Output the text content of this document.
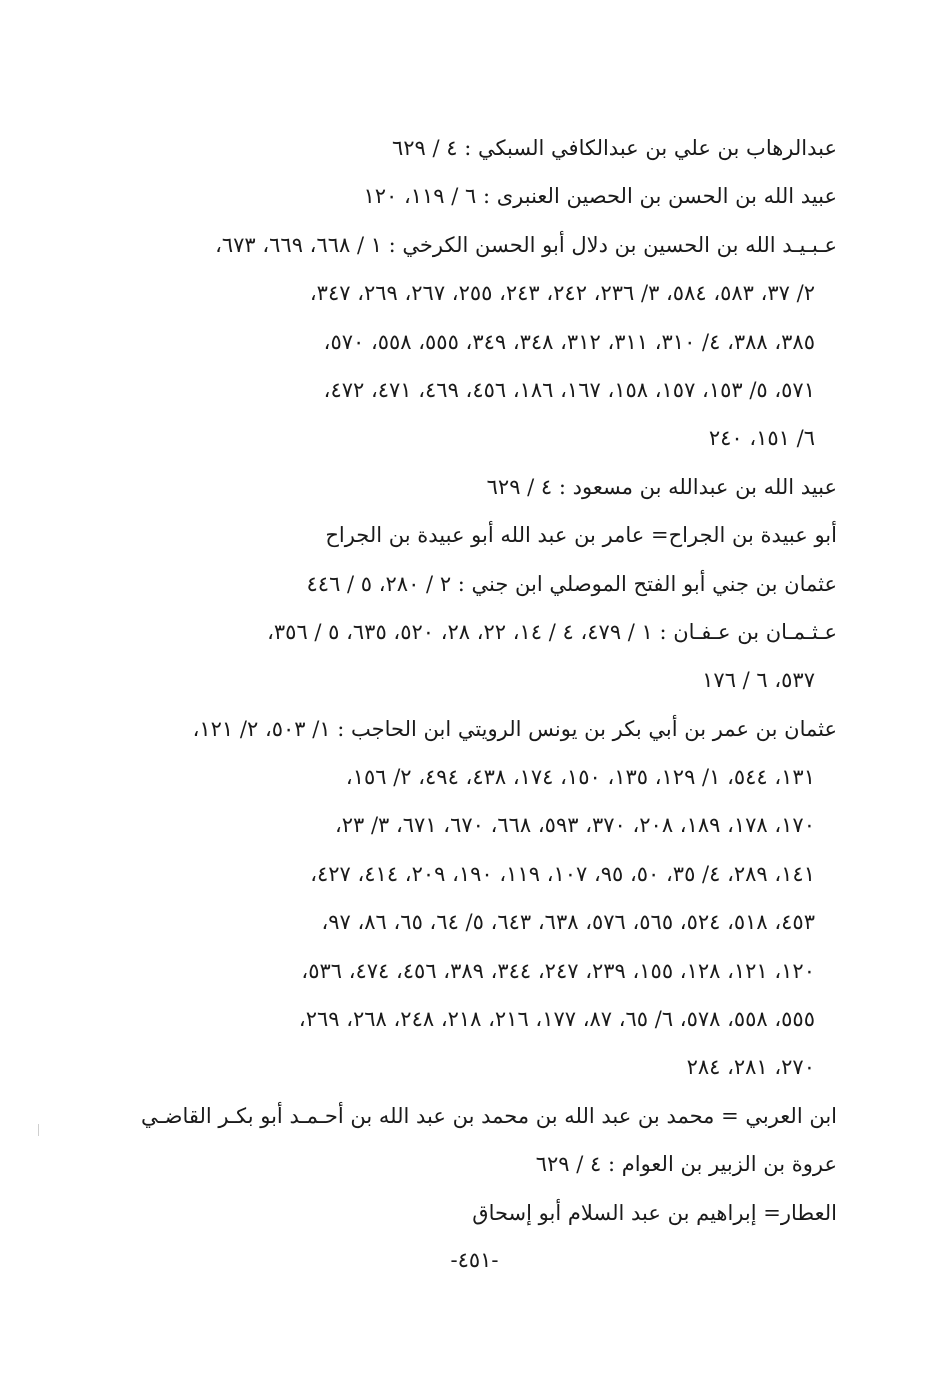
عبدالرهاب بن علي بن عبدالكافي السبكي : ٤ / ٦٢٩
عبيد الله بن الحسن بن الحصين العنبرى : ٦ / ١١٩، ١٢٠
عـبـيـد الله بن الحسين بن دلال أبو الحسن الكرخي : ١ / ٦٦٨، ٦٦٩، ٦٧٣،
٢/ ٣٧، ٥٨٣، ٥٨٤، ٣/ ٢٣٦، ٢٤٢، ٢٤٣، ٢٥٥، ٢٦٧، ٢٦٩، ٣٤٧،
٣٨٥، ٣٨٨، ٤/ ٣١٠، ٣١١، ٣١٢، ٣٤٨، ٣٤٩، ٥٥٥، ٥٥٨، ٥٧٠،
٥٧١، ٥/ ١٥٣، ١٥٧، ١٥٨، ١٦٧، ١٨٦، ٤٥٦، ٤٦٩، ٤٧١، ٤٧٢،
٦/ ١٥١، ٢٤٠
عبيد الله بن عبدالله بن مسعود : ٤ / ٦٢٩
أبو عبيدة بن الجراح= عامر بن عبد الله أبو عبيدة بن الجراح
عثمان بن جني أبو الفتح الموصلي ابن جني : ٢ / ٢٨٠، ٥ / ٤٤٦
عـثـمـان بن عـفـان : ١ / ٤٧٩، ٤ / ١٤، ٢٢، ٢٨، ٥٢٠، ٦٣٥، ٥ / ٣٥٦،
٥٣٧، ٦ / ١٧٦
عثمان بن عمر بن أبي بكر بن يونس الرويتي ابن الحاجب : ١/ ٥٠٣، ٢/ ١٢١،
١٣١، ٥٤٤، ١/ ١٢٩، ١٣٥، ١٥٠، ١٧٤، ٤٣٨، ٤٩٤، ٢/ ١٥٦،
١٧٠، ١٧٨، ١٨٩، ٢٠٨، ٣٧٠، ٥٩٣، ٦٦٨، ٦٧٠، ٦٧١، ٣/ ٢٣،
١٤١، ٢٨٩، ٤/ ٣٥، ٥٠، ٩٥، ١٠٧، ١١٩، ١٩٠، ٢٠٩، ٤١٤، ٤٢٧،
٤٥٣، ٥١٨، ٥٢٤، ٥٦٥، ٥٧٦، ٦٣٨، ٦٤٣، ٥/ ٦٤، ٦٥، ٨٦، ٩٧،
١٢٠، ١٢١، ١٢٨، ١٥٥، ٢٣٩، ٢٤٧، ٣٤٤، ٣٨٩، ٤٥٦، ٤٧٤، ٥٣٦،
٥٥٥، ٥٥٨، ٥٧٨، ٦/ ٦٥، ٨٧، ١٧٧، ٢١٦، ٢١٨، ٢٤٨، ٢٦٨، ٢٦٩،
٢٧٠، ٢٨١، ٢٨٤
ابن العربي = محمد بن عبد الله بن محمد بن عبد الله بن أحـمـد أبو بكـر القاضـي
عروة بن الزبير بن العوام : ٤ / ٦٢٩
العطار= إبراهيم بن عبد السلام أبو إسحاق
-٤٥١-
